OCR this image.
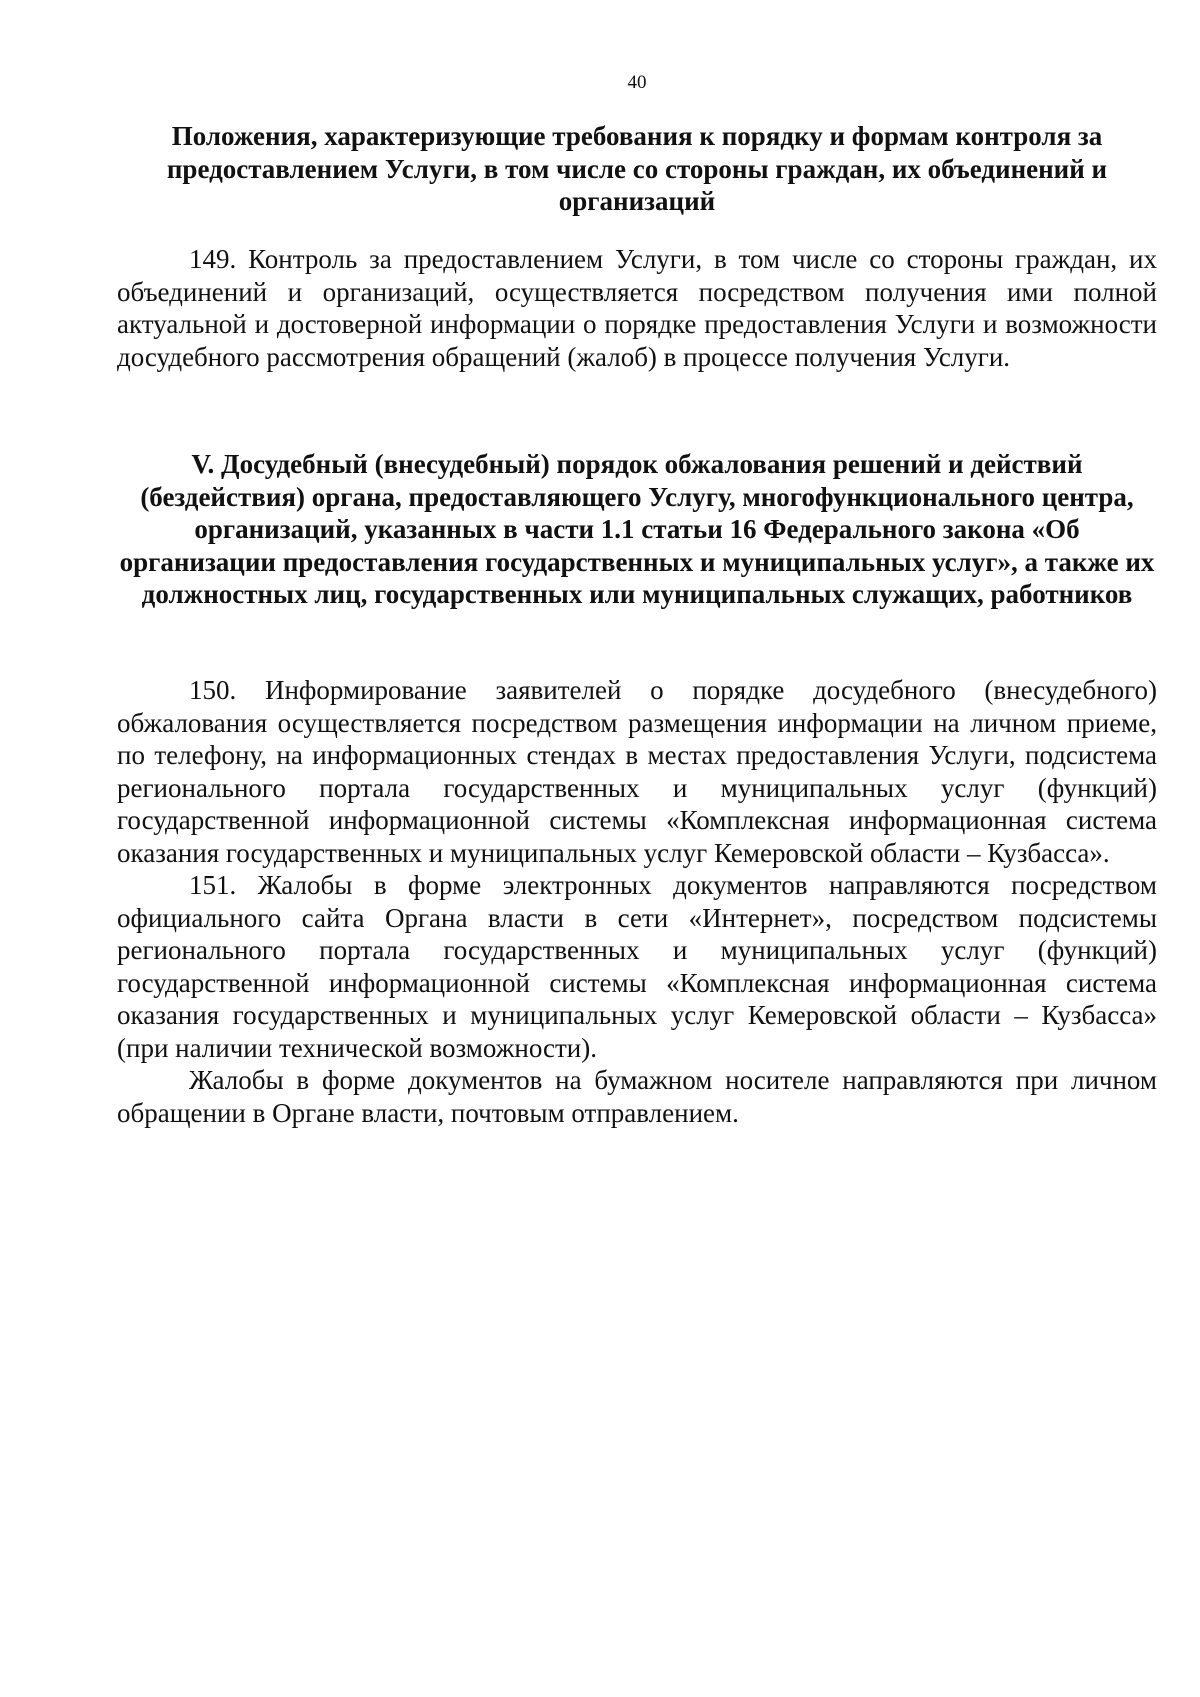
40
Положения, характеризующие требования к порядку и формам контроля за предоставлением Услуги, в том числе со стороны граждан, их объединений и организаций

149. Контроль за предоставлением Услуги, в том числе со стороны граждан, их объединений и организаций, осуществляется посредством получения ими полной актуальной и достоверной информации о порядке предоставления Услуги и возможности досудебного рассмотрения обращений (жалоб) в процессе получения Услуги.

V. Досудебный (внесудебный) порядок обжалования решений и действий (бездействия) органа, предоставляющего Услугу, многофункционального центра, организаций, указанных в части 1.1 статьи 16 Федерального закона «Об организации предоставления государственных и муниципальных услуг», а также их должностных лиц, государственных или муниципальных служащих, работников

150. Информирование заявителей о порядке досудебного (внесудебного) обжалования осуществляется посредством размещения информации на личном приеме, по телефону, на информационных стендах в местах предоставления Услуги, подсистема регионального портала государственных и муниципальных услуг (функций) государственной информационной системы «Комплексная информационная система оказания государственных и муниципальных услуг Кемеровской области – Кузбасса».

151. Жалобы в форме электронных документов направляются посредством официального сайта Органа власти в сети «Интернет», посредством подсистемы регионального портала государственных и муниципальных услуг (функций) государственной информационной системы «Комплексная информационная система оказания государственных и муниципальных услуг Кемеровской области – Кузбасса» (при наличии технической возможности).

Жалобы в форме документов на бумажном носителе направляются при личном обращении в Органе власти, почтовым отправлением.
